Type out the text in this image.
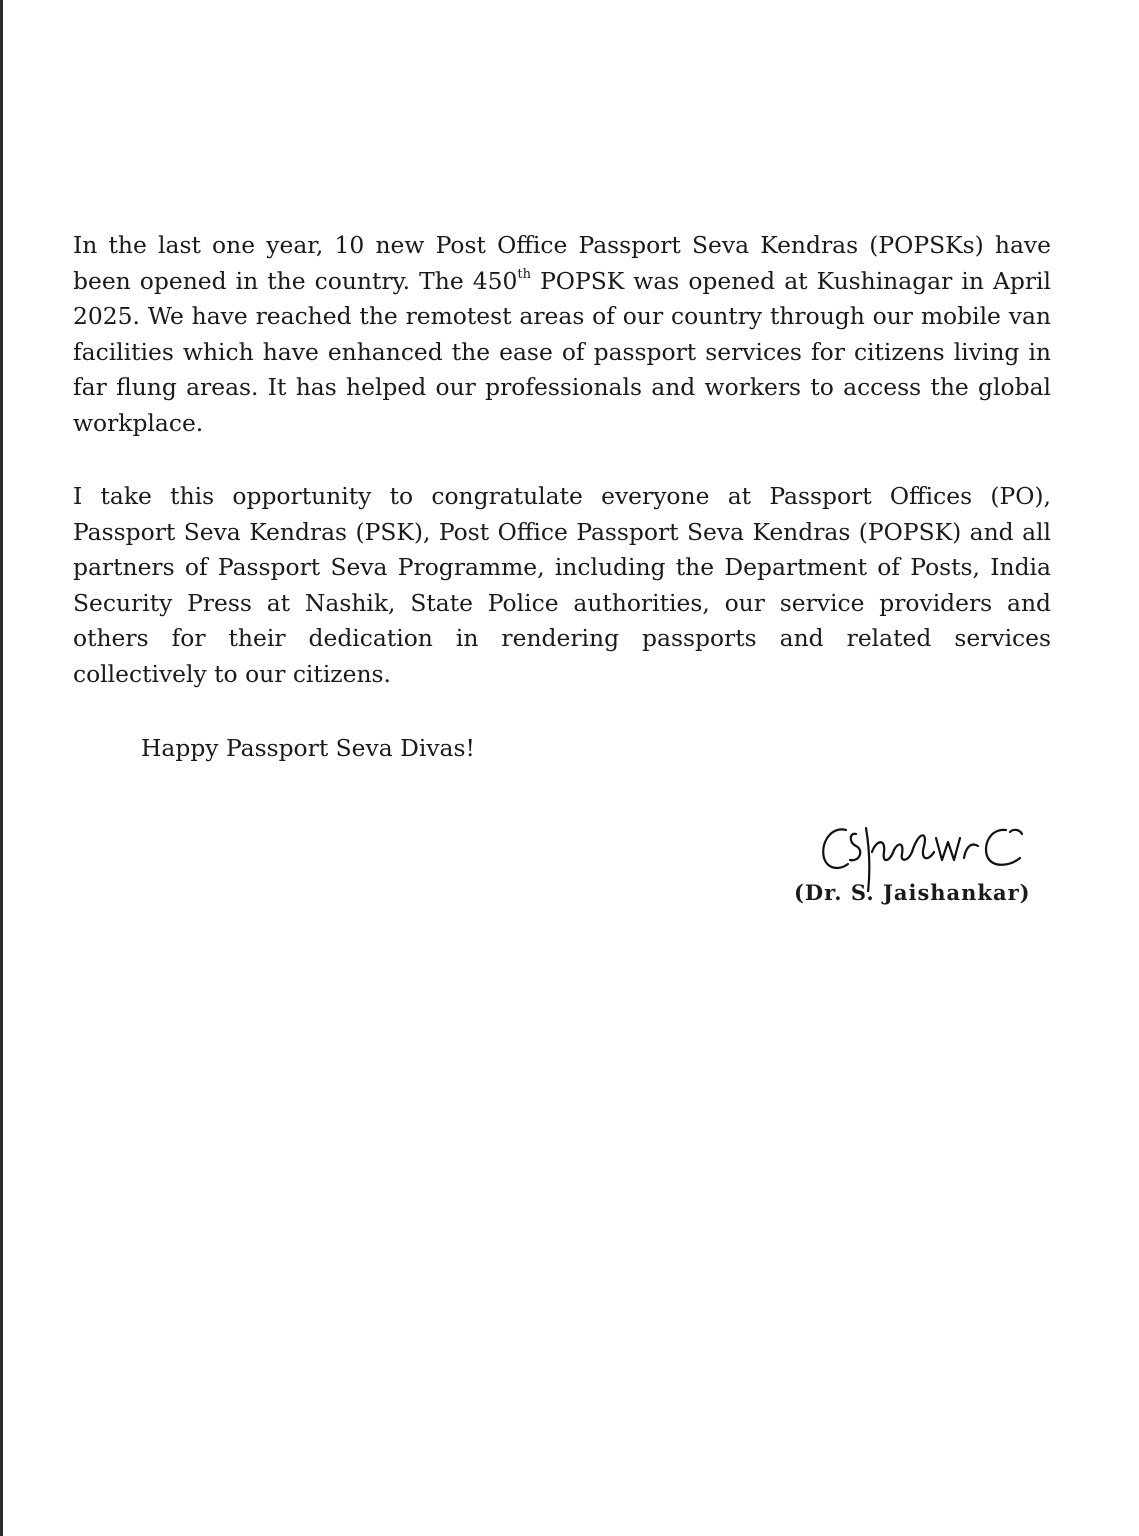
In the last one year, 10 new Post Office Passport Seva Kendras (POPSKs) have been opened in the country. The 450th POPSK was opened at Kushinagar in April 2025. We have reached the remotest areas of our country through our mobile van facilities which have enhanced the ease of passport services for citizens living in far flung areas. It has helped our professionals and workers to access the global workplace.

I take this opportunity to congratulate everyone at Passport Offices (PO), Passport Seva Kendras (PSK), Post Office Passport Seva Kendras (POPSK) and all partners of Passport Seva Programme, including the Department of Posts, India Security Press at Nashik, State Police authorities, our service providers and others for their dedication in rendering passports and related services collectively to our citizens.

Happy Passport Seva Divas!

(Dr. S. Jaishankar)
